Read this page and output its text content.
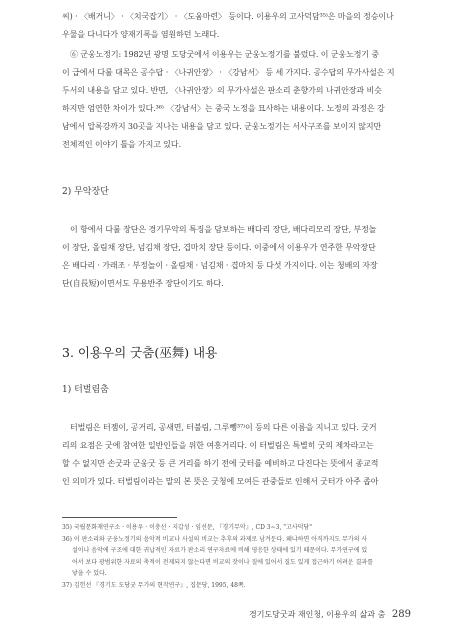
씨) · 〈배거니〉 · 〈치국잡기〉 · 〈도움마련〉 등이다. 이용우의 고사덕담³⁵⁾은 마을의 정승이나
우물을 다니다가 양재기폭을 염원하던 노래다.
⑥ 군웅노정기: 1982년 광명 도당굿에서 이용우는 군웅노정기를 불렀다. 이 군웅노정기 중
이 급에서 다룰 대목은 공수답 · 〈나귀안장〉 · 〈강남서〉 등 세 가지다. 공수답의 무가사설은 지
두서의 내용을 담고 있다. 반면, 〈나귀안장〉의 무가사설은 판소리 춘향가의 나귀안장과 비슷
하지만 엄연한 차이가 있다.³⁶⁾ 〈강남서〉는 중국 노정을 묘사하는 내용이다. 노정의 과정은 강
남에서 압록강까지 30곳을 지나는 내용을 담고 있다. 군웅노정기는 서사구조를 보이지 않지만
전체적인 이야기 틀을 가지고 있다.
2) 무악장단
이 항에서 다룰 장단은 경기무악의 특징을 담보하는 배다리 장단, 배다리모리 장단, 부정놀
이 장단, 올림채 장단, 넘김채 장단, 겹마치 장단 등이다. 이중에서 이용우가 연주한 무악장단
은 배다리 · 가래조 · 부정놀이 · 올림채 · 넘김채 · 겹마치 등 다섯 가지이다. 이는 청배의 자장
단(自長短)이면서도 무용반주 장단이기도 하다.
3. 이용우의 굿춤(巫舞) 내용
1) 터벌림춤
터벌림은 터젬이, 공거리, 공새면, 터불림, 그루뺑³⁷⁾이 등의 다른 이름을 지니고 있다. 굿거
리의 요점은 굿에 참여한 일반인들을 위한 여흥거리다. 이 터벌림은 특별히 굿의 제차라고는
할 수 없지만 손굿과 군웅굿 등 큰 거리를 하기 전에 굿터를 예비하고 다진다는 뜻에서 종교적
인 의미가 있다. 터벌림이라는 말의 본 뜻은 굿청에 모여든 관중들로 인해서 굿터가 아주 좁아
35) 국립문화재연구소 · 이용우 · 이충선 · 지갑성 · 임선문, 『경기무악』, CD 3~3, "고사덕담"
36) 이 판소리와 군웅노정기의 음악적 비교나 사설의 비교는 추후의 과제로 남겨둔다. 왜냐하면 아직까지도 무가의 사
설이나 음악에 구조에 대한 귀납적인 자료가 판소리 연구자료에 비해 영응한 상태에 있기 때문이다. 무가연구에 있
어서 보다 광범위한 자료의 축적이 전제되지 않는다면 비교의 잣이나 질에 있어서 질도 있게 접근하기 어려운 결과를
낳을 수 있다.
37) 김헌선 『경기도 도당굿 무가의 현작연구』, 집문당, 1995, 48쪽.
경기도당굿과 재인청, 이용우의 삶과 춤 289
